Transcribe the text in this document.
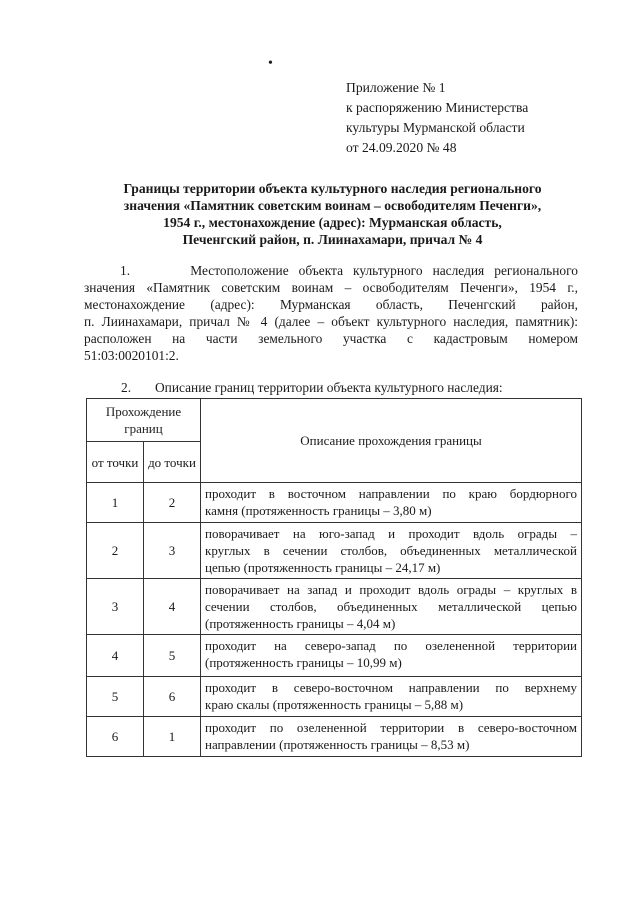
•
Приложение № 1
к распоряжению Министерства
культуры Мурманской области
от 24.09.2020 № 48
Границы территории объекта культурного наследия регионального
значения «Памятник советским воинам – освободителям Печенги»,
1954 г., местонахождение (адрес): Мурманская область,
Печенгский район, п. Лиинахамари, причал № 4
1.	Местоположение объекта культурного наследия регионального
значения «Памятник советским воинам – освободителям Печенги», 1954 г.,
местонахождение (адрес): Мурманская область, Печенгский район,
п. Лиинахамари, причал № 4 (далее – объект культурного наследия, памятник):
расположен на части земельного участка с кадастровым номером
51:03:0020101:2.
2. Описание границ территории объекта культурного наследия:
Прохождение границ		Описание прохождения границы
от точки	до точки	
1	2	проходит в восточном направлении по краю бордюрного
камня (протяженность границы – 3,80 м)

2	3	поворачивает на юго-запад и проходит вдоль ограды –
круглых в сечении столбов, объединенных металлической
цепью (протяженность границы – 24,17 м)

3	4	поворачивает на запад и проходит вдоль ограды – круглых в
сечении столбов, объединенных металлической цепью
(протяженность границы – 4,04 м)

4	5	проходит на северо-запад по озелененной территории
(протяженность границы – 10,99 м)

5	6	проходит в северо-восточном направлении по верхнему
краю скалы (протяженность границы – 5,88 м)

6	1	проходит по озелененной территории в северо-восточном
направлении (протяженность границы – 8,53 м)
